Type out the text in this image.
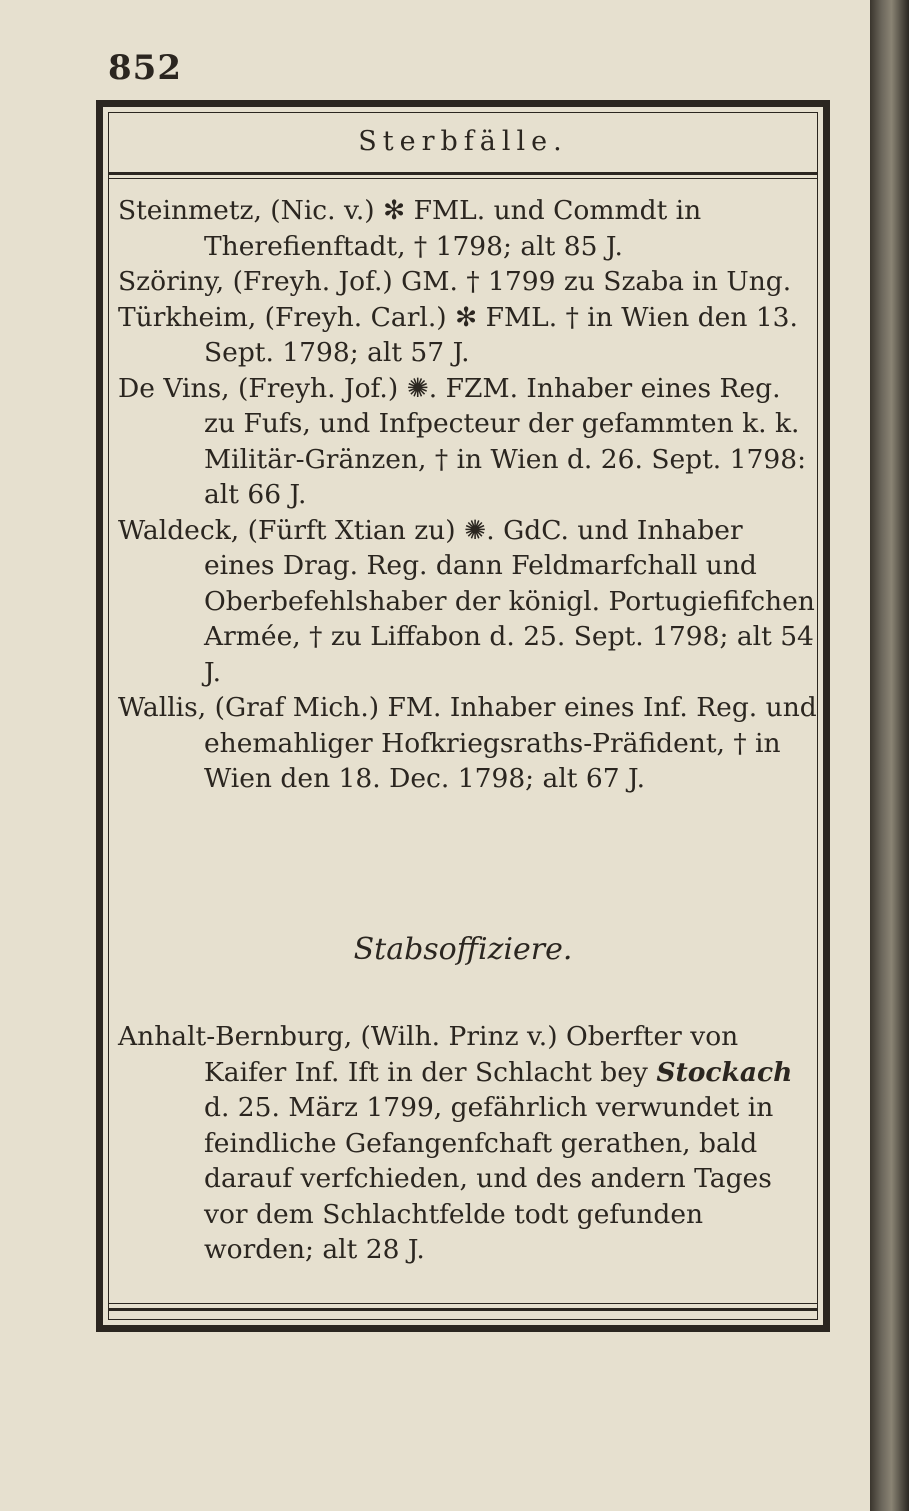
852
Sterbfälle.

Steinmetz, (Nic. v.) ✻ FML. und Commdt in Therefienftadt, † 1798; alt 85 J.

Szöriny, (Freyh. Jof.) GM. † 1799 zu Szaba in Ung.

Türkheim, (Freyh. Carl.) ✻ FML. † in Wien den 13. Sept. 1798; alt 57 J.

De Vins, (Freyh. Jof.) ✺. FZM. Inhaber eines Reg. zu Fufs, und Infpecteur der gefammten k. k. Militär-Gränzen, † in Wien d. 26. Sept. 1798: alt 66 J.

Waldeck, (Fürft Xtian zu) ✺. GdC. und Inhaber eines Drag. Reg. dann Feldmarfchall und Oberbefehlshaber der königl. Portugiefifchen Armée, † zu Liffabon d. 25. Sept. 1798; alt 54 J.

Wallis, (Graf Mich.) FM. Inhaber eines Inf. Reg. und ehemahliger Hofkriegsraths-Präfident, † in Wien den 18. Dec. 1798; alt 67 J.

Stabsoffiziere.

Anhalt-Bernburg, (Wilh. Prinz v.) Oberfter von Kaifer Inf. Ift in der Schlacht bey Stockach d. 25. März 1799, gefährlich verwundet in feindliche Gefangenfchaft gerathen, bald darauf verfchieden, und des andern Tages vor dem Schlachtfelde todt gefunden worden; alt 28 J.
